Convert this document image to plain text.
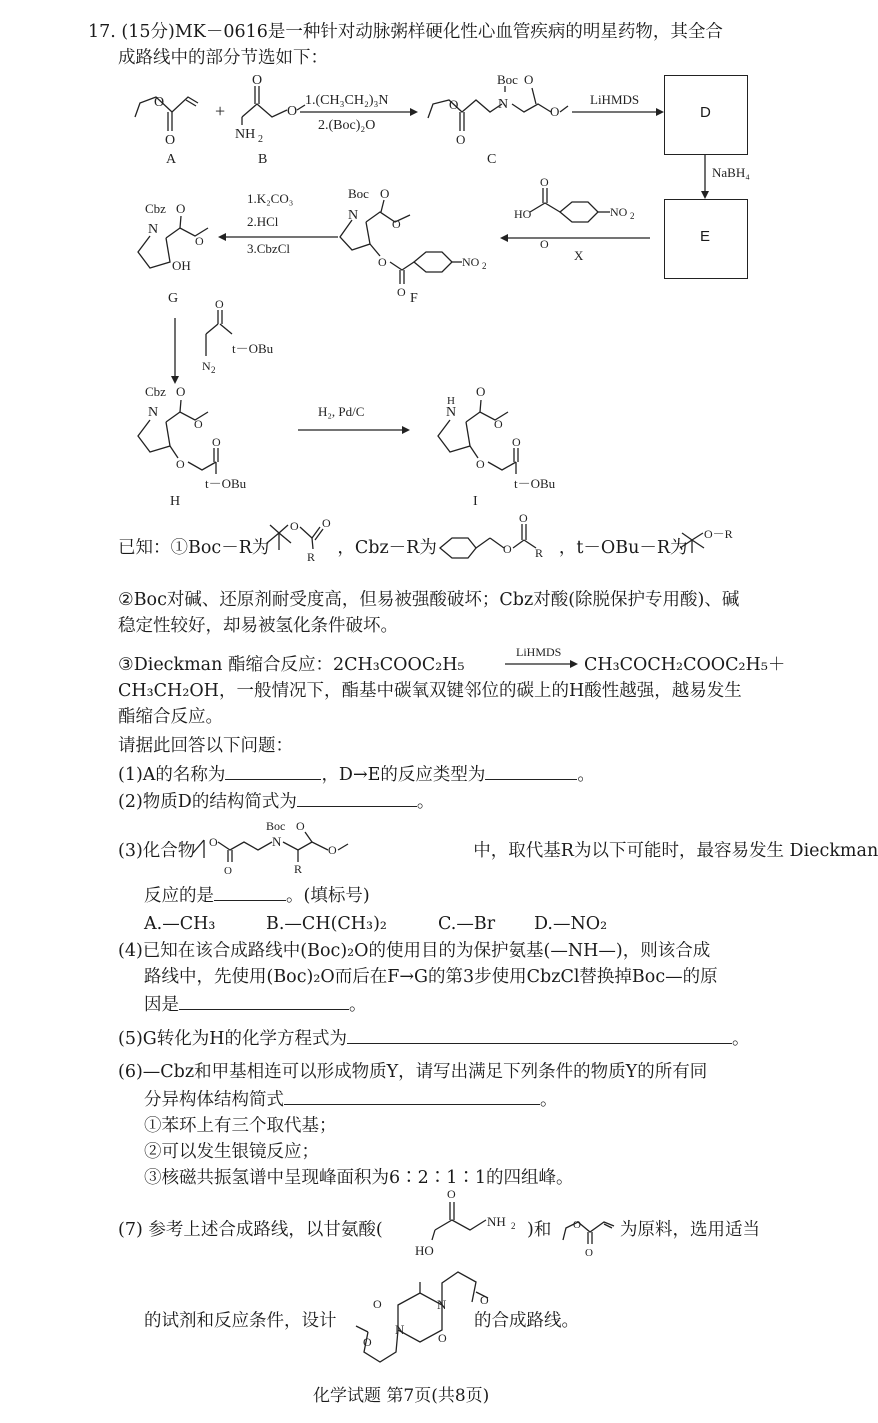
17. (15分)MK－0616是一种针对动脉粥样硬化性心血管疾病的明星药物，其全合
成路线中的部分节选如下：
O
O
+
O
O
NH 2
1.(CH₃CH₂)₃N
2.(Boc)₂O
O
O
N
Boc O
O
LiHMDS
NaBH₄
O
HO	NO 2
O
X
Boc O
N
O
O
O
NO 2
1.K₂CO₃
2.HCl
3.CbzCl
Cbz O
N
O
OH
O
N 2
t－OBu
Cbz O
N
O
O
O
t－OBu
H₂, Pd/C
O
N
H
O
O
O
t－OBu
A	B	C
F
G
H	I
O O
R
O
O
R
O－R
LiHMDS
O
O
N
Boc O
R
O
O
HO
NH 2	O
O
N
N
O
O
O
O
D
E
已知：①Boc－R为	，Cbz－R为	，t－OBu－R为
②Boc对碱、还原剂耐受度高，但易被强酸破坏；Cbz对酸(除脱保护专用酸)、碱
稳定性较好，却易被氢化条件破坏。
③Dieckman 酯缩合反应：2CH₃COOC₂H₅	CH₃COCH₂COOC₂H₅＋
CH₃CH₂OH，一般情况下，酯基中碳氧双键邻位的碳上的H酸性越强，越易发生
酯缩合反应。
请据此回答以下问题：
(1)A的名称为	，D→E的反应类型为	。
(2)物质D的结构简式为	。
(3)化合物	中，取代基R为以下可能时，最容易发生 Dieckman
反应的是	。(填标号)
A.—CH₃	B.—CH(CH₃)₂	C.—Br D.—NO₂
(4)已知在该合成路线中(Boc)₂O的使用目的为保护氨基(—NH—)，则该合成
路线中，先使用(Boc)₂O而后在F→G的第3步使用CbzCl替换掉Boc—的原
因是	。
(5)G转化为H的化学方程式为	。
(6)—Cbz和甲基相连可以形成物质Y，请写出满足下列条件的物质Y的所有同
分异构体结构简式	。
①苯环上有三个取代基；
②可以发生银镜反应；
③核磁共振氢谱中呈现峰面积为6∶2∶1∶1的四组峰。
(7) 参考上述合成路线，以甘氨酸(	)和	为原料，选用适当
的试剂和反应条件，设计	的合成路线。
化学试题 第7页(共8页)
